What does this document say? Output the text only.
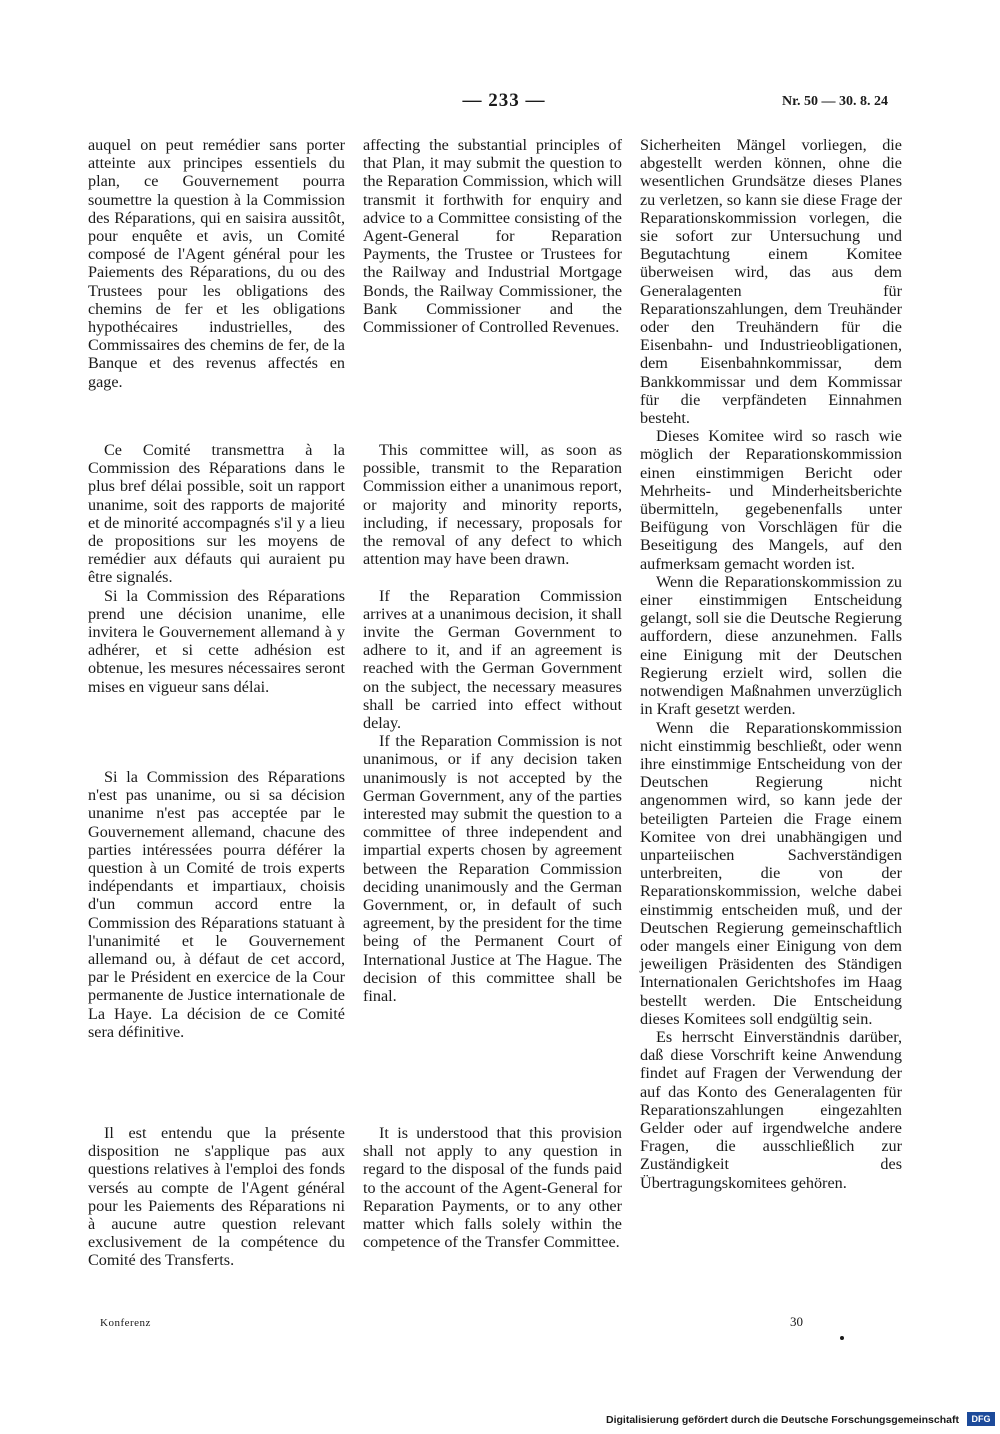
— 233 —	Nr. 50 — 30. 8. 24

auquel on peut remédier sans porter atteinte aux principes essentiels du plan, ce Gouvernement pourra soumettre la question à la Commission des Réparations, qui en saisira aussitôt, pour enquête et avis, un Comité composé de l'Agent général pour les Paiements des Réparations, du ou des Trustees pour les obligations des chemins de fer et les obligations hypothécaires industrielles, des Commissaires des chemins de fer, de la Banque et des revenus affectés en gage.

Ce Comité transmettra à la Commission des Réparations dans le plus bref délai possible, soit un rapport unanime, soit des rapports de majorité et de minorité accompagnés s'il y a lieu de propositions sur les moyens de remédier aux défauts qui auraient pu être signalés.

Si la Commission des Réparations prend une décision unanime, elle invitera le Gouvernement allemand à y adhérer, et si cette adhésion est obtenue, les mesures nécessaires seront mises en vigueur sans délai.

Si la Commission des Réparations n'est pas unanime, ou si sa décision unanime n'est pas acceptée par le Gouvernement allemand, chacune des parties intéressées pourra déférer la question à un Comité de trois experts indépendants et impartiaux, choisis d'un commun accord entre la Commission des Réparations statuant à l'unanimité et le Gouvernement allemand ou, à défaut de cet accord, par le Président en exercice de la Cour permanente de Justice internationale de La Haye. La décision de ce Comité sera définitive.

Il est entendu que la présente disposition ne s'applique pas aux questions relatives à l'emploi des fonds versés au compte de l'Agent général pour les Paiements des Réparations ni à aucune autre question relevant exclusivement de la compétence du Comité des Transferts.

affecting the substantial principles of that Plan, it may submit the question to the Reparation Commission, which will transmit it forthwith for enquiry and advice to a Committee consisting of the Agent-General for Reparation Payments, the Trustee or Trustees for the Railway and Industrial Mortgage Bonds, the Railway Commissioner, the Bank Commissioner and the Commissioner of Controlled Revenues.

This committee will, as soon as possible, transmit to the Reparation Commission either a unanimous report, or majority and minority reports, including, if necessary, proposals for the removal of any defect to which attention may have been drawn.

If the Reparation Commission arrives at a unanimous decision, it shall invite the German Government to adhere to it, and if an agreement is reached with the German Government on the subject, the necessary measures shall be carried into effect without delay.

If the Reparation Commission is not unanimous, or if any decision taken unanimously is not accepted by the German Government, any of the parties interested may submit the question to a committee of three independent and impartial experts chosen by agreement between the Reparation Commission deciding unanimously and the German Government, or, in default of such agreement, by the president for the time being of the Permanent Court of International Justice at The Hague. The decision of this committee shall be final.

It is understood that this provision shall not apply to any question in regard to the disposal of the funds paid to the account of the Agent-General for Reparation Payments, or to any other matter which falls solely within the competence of the Transfer Committee.

Sicherheiten Mängel vorliegen, die abgestellt werden können, ohne die wesentlichen Grundsätze dieses Planes zu verletzen, so kann sie diese Frage der Reparationskommission vorlegen, die sie sofort zur Untersuchung und Begutachtung einem Komitee überweisen wird, das aus dem Generalagenten für Reparationszahlungen, dem Treuhänder oder den Treuhändern für die Eisenbahn- und Industrieobligationen, dem Eisenbahnkommissar, dem Bankkommissar und dem Kommissar für die verpfändeten Einnahmen besteht.

Dieses Komitee wird so rasch wie möglich der Reparationskommission einen einstimmigen Bericht oder Mehrheits- und Minderheitsberichte übermitteln, gegebenenfalls unter Beifügung von Vorschlägen für die Beseitigung des Mangels, auf den aufmerksam gemacht worden ist.

Wenn die Reparationskommission zu einer einstimmigen Entscheidung gelangt, soll sie die Deutsche Regierung auffordern, diese anzunehmen. Falls eine Einigung mit der Deutschen Regierung erzielt wird, sollen die notwendigen Maßnahmen unverzüglich in Kraft gesetzt werden.

Wenn die Reparationskommission nicht einstimmig beschließt, oder wenn ihre einstimmige Entscheidung von der Deutschen Regierung nicht angenommen wird, so kann jede der beteiligten Parteien die Frage einem Komitee von drei unabhängigen und unparteiischen Sachverständigen unterbreiten, die von der Reparationskommission, welche dabei einstimmig entscheiden muß, und der Deutschen Regierung gemeinschaftlich oder mangels einer Einigung von dem jeweiligen Präsidenten des Ständigen Internationalen Gerichtshofes im Haag bestellt werden. Die Entscheidung dieses Komitees soll endgültig sein.

Es herrscht Einverständnis darüber, daß diese Vorschrift keine Anwendung findet auf Fragen der Verwendung der auf das Konto des Generalagenten für Reparationszahlungen eingezahlten Gelder oder auf irgendwelche andere Fragen, die ausschließlich zur Zuständigkeit des Übertragungskomitees gehören.

Konferenz	30
Digitalisierung gefördert durch die Deutsche Forschungsgemeinschaft	DFG
